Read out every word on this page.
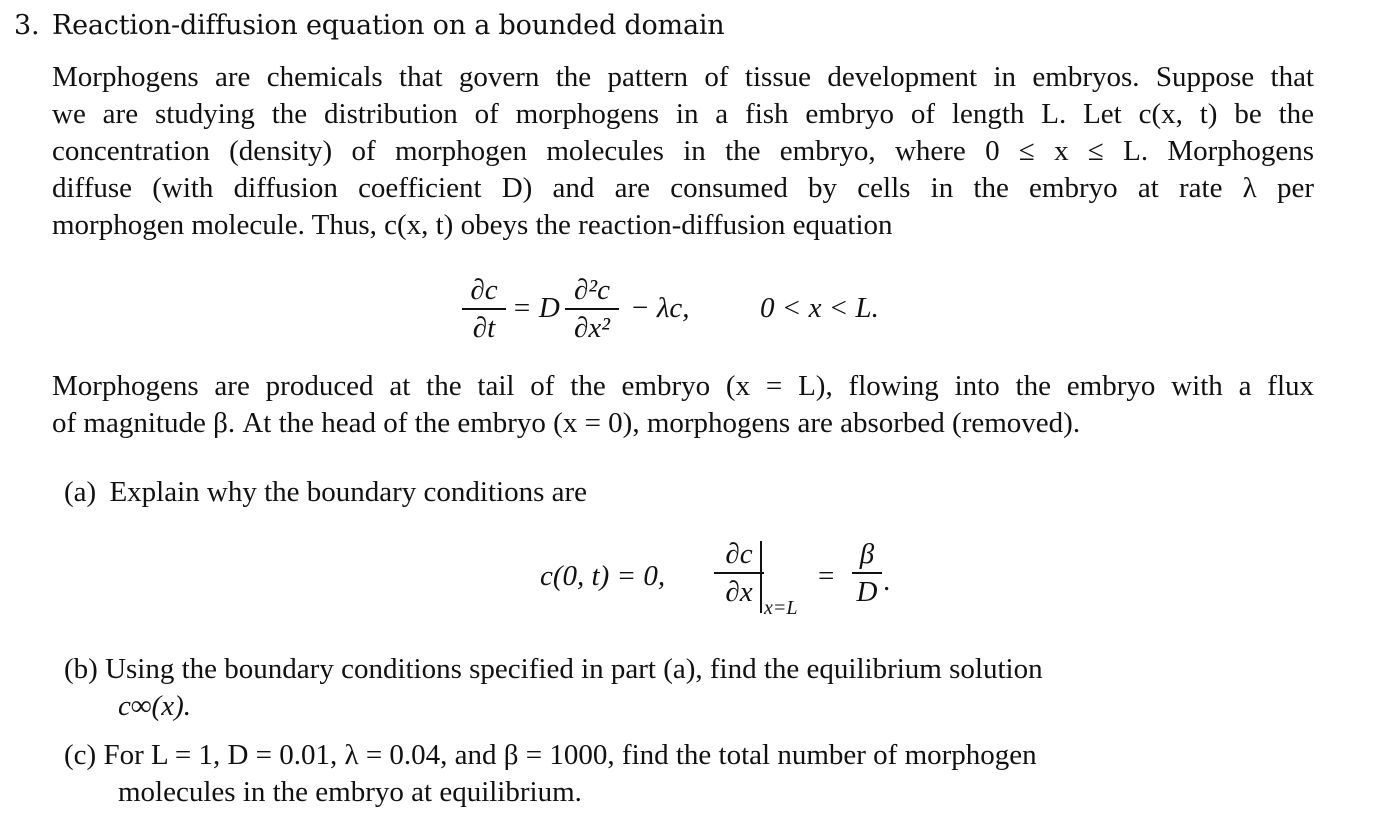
3. Reaction-diffusion equation on a bounded domain
Morphogens are chemicals that govern the pattern of tissue development in embryos. Suppose that
we are studying the distribution of morphogens in a fish embryo of length L. Let c(x, t) be the
concentration (density) of morphogen molecules in the embryo, where 0 ≤ x ≤ L. Morphogens
diffuse (with diffusion coefficient D) and are consumed by cells in the embryo at rate λ per
morphogen molecule. Thus, c(x, t) obeys the reaction-diffusion equation
∂c
∂t
= D
∂²c
∂x²
− λc, 0 < x < L.
Morphogens are produced at the tail of the embryo (x = L), flowing into the embryo with a flux
of magnitude β. At the head of the embryo (x = 0), morphogens are absorbed (removed).
(a) Explain why the boundary conditions are
c(0, t) = 0,
∂c
∂x
x=L
=
β
D .
(b) Using the boundary conditions specified in part (a), find the equilibrium solution
c∞(x).
(c) For L = 1, D = 0.01, λ = 0.04, and β = 1000, find the total number of morphogen
molecules in the embryo at equilibrium.
